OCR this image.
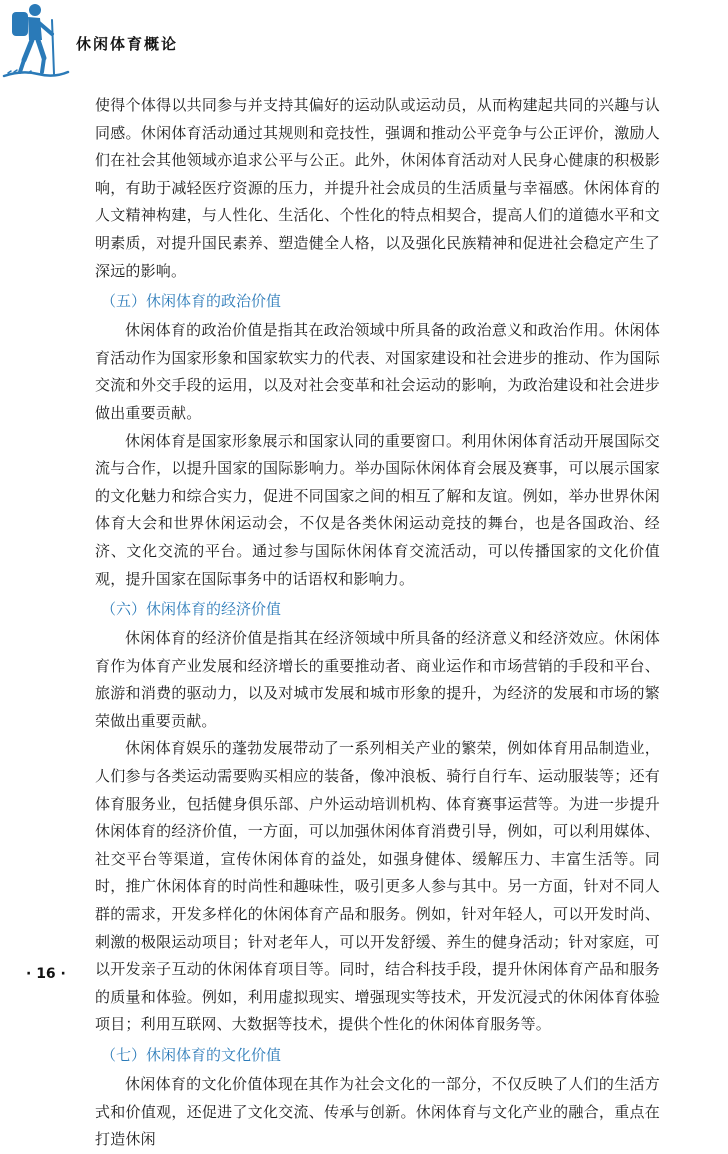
休闲体育概论

使得个体得以共同参与并支持其偏好的运动队或运动员，从而构建起共同的兴趣与认同感。休闲体育活动通过其规则和竞技性，强调和推动公平竞争与公正评价，激励人们在社会其他领域亦追求公平与公正。此外，休闲体育活动对人民身心健康的积极影响，有助于减轻医疗资源的压力，并提升社会成员的生活质量与幸福感。休闲体育的人文精神构建，与人性化、生活化、个性化的特点相契合，提高人们的道德水平和文明素质，对提升国民素养、塑造健全人格，以及强化民族精神和促进社会稳定产生了深远的影响。

（五）休闲体育的政治价值

休闲体育的政治价值是指其在政治领域中所具备的政治意义和政治作用。休闲体育活动作为国家形象和国家软实力的代表、对国家建设和社会进步的推动、作为国际交流和外交手段的运用，以及对社会变革和社会运动的影响，为政治建设和社会进步做出重要贡献。

休闲体育是国家形象展示和国家认同的重要窗口。利用休闲体育活动开展国际交流与合作，以提升国家的国际影响力。举办国际休闲体育会展及赛事，可以展示国家的文化魅力和综合实力，促进不同国家之间的相互了解和友谊。例如，举办世界休闲体育大会和世界休闲运动会，不仅是各类休闲运动竞技的舞台，也是各国政治、经济、文化交流的平台。通过参与国际休闲体育交流活动，可以传播国家的文化价值观，提升国家在国际事务中的话语权和影响力。

（六）休闲体育的经济价值

休闲体育的经济价值是指其在经济领域中所具备的经济意义和经济效应。休闲体育作为体育产业发展和经济增长的重要推动者、商业运作和市场营销的手段和平台、旅游和消费的驱动力，以及对城市发展和城市形象的提升，为经济的发展和市场的繁荣做出重要贡献。

休闲体育娱乐的蓬勃发展带动了一系列相关产业的繁荣，例如体育用品制造业，人们参与各类运动需要购买相应的装备，像冲浪板、骑行自行车、运动服装等；还有体育服务业，包括健身俱乐部、户外运动培训机构、体育赛事运营等。为进一步提升休闲体育的经济价值，一方面，可以加强休闲体育消费引导，例如，可以利用媒体、社交平台等渠道，宣传休闲体育的益处，如强身健体、缓解压力、丰富生活等。同时，推广休闲体育的时尚性和趣味性，吸引更多人参与其中。另一方面，针对不同人群的需求，开发多样化的休闲体育产品和服务。例如，针对年轻人，可以开发时尚、刺激的极限运动项目；针对老年人，可以开发舒缓、养生的健身活动；针对家庭，可以开发亲子互动的休闲体育项目等。同时，结合科技手段，提升休闲体育产品和服务的质量和体验。例如，利用虚拟现实、增强现实等技术，开发沉浸式的休闲体育体验项目；利用互联网、大数据等技术，提供个性化的休闲体育服务等。

（七）休闲体育的文化价值

休闲体育的文化价值体现在其作为社会文化的一部分，不仅反映了人们的生活方式和价值观，还促进了文化交流、传承与创新。休闲体育与文化产业的融合，重点在打造休闲

· 16 ·
